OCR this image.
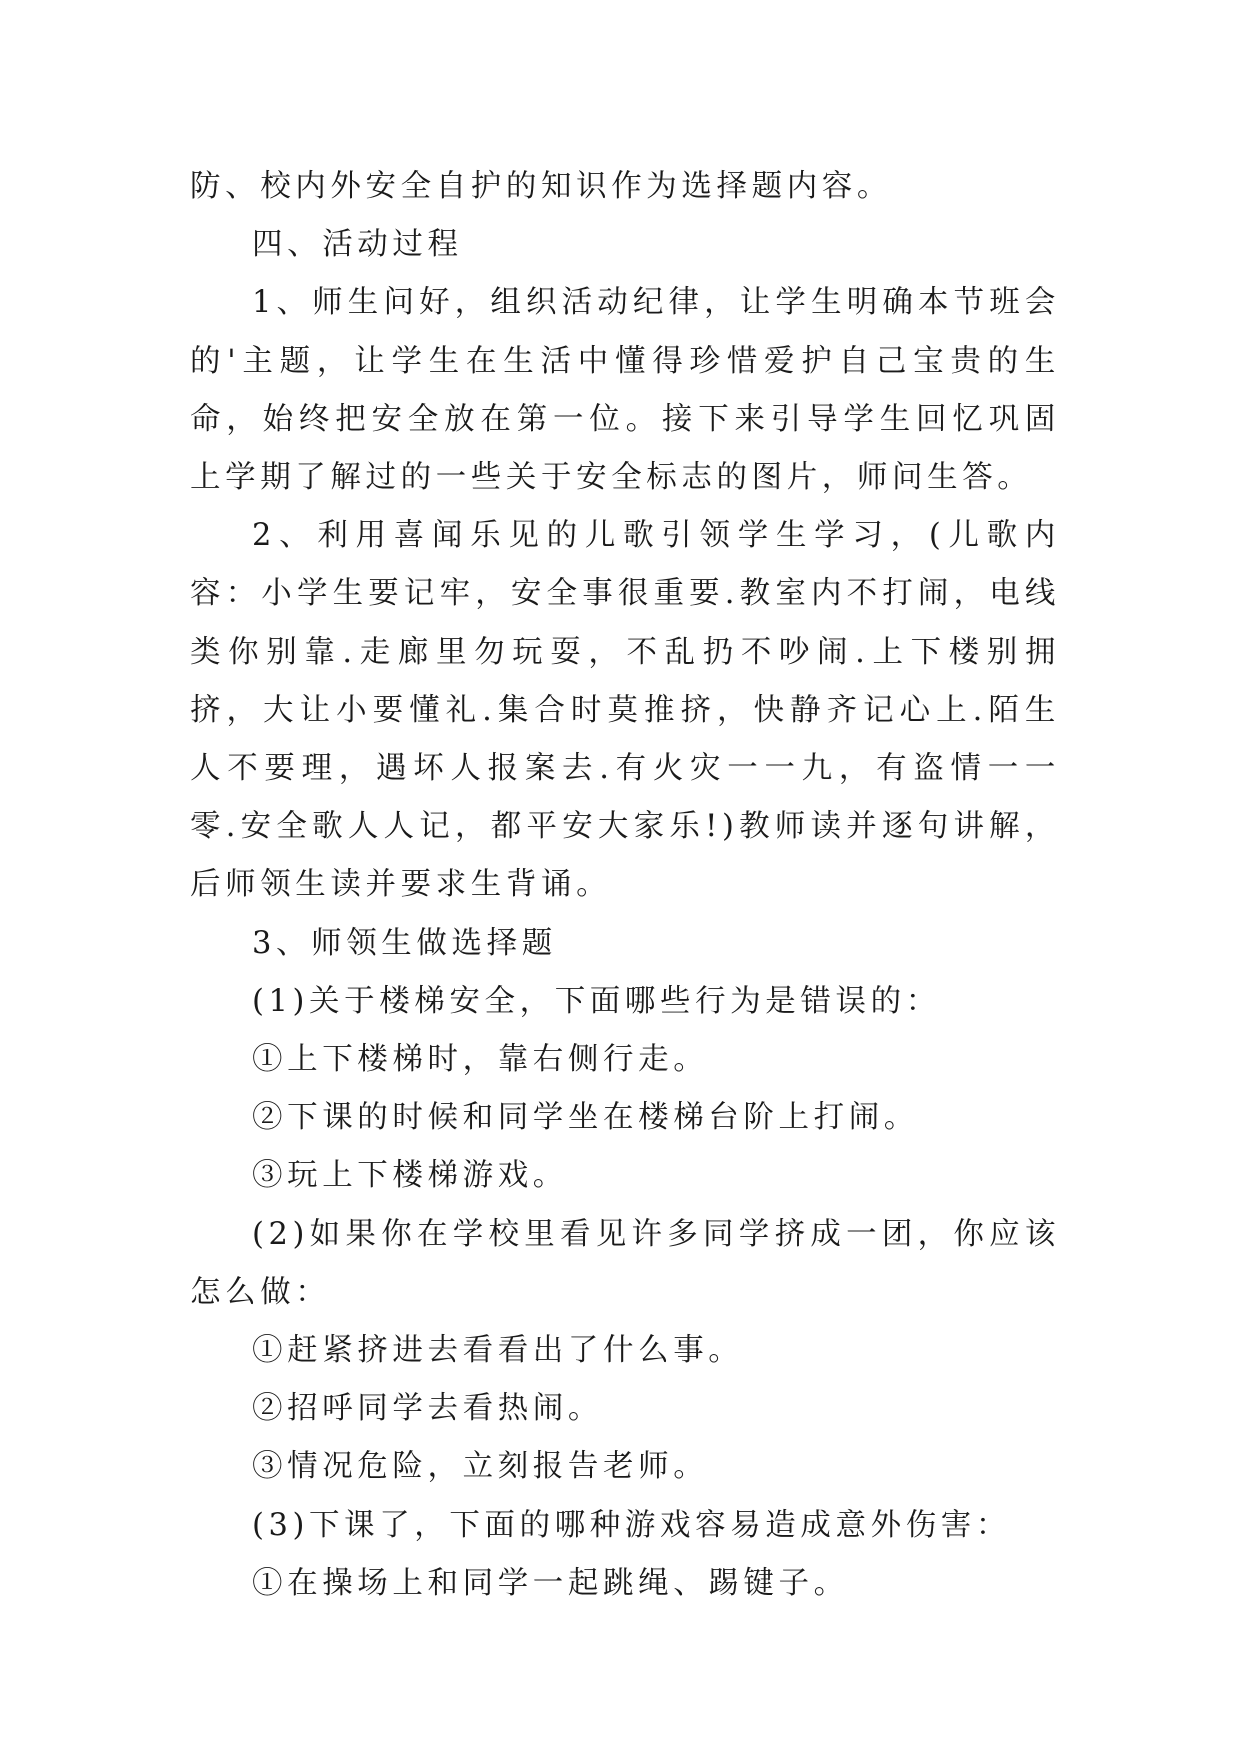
防、校内外安全自护的知识作为选择题内容。

四、活动过程

1、师生问好，组织活动纪律，让学生明确本节班会的'主题，让学生在生活中懂得珍惜爱护自己宝贵的生命，始终把安全放在第一位。接下来引导学生回忆巩固上学期了解过的一些关于安全标志的图片，师问生答。

2、利用喜闻乐见的儿歌引领学生学习，(儿歌内容：小学生要记牢，安全事很重要.教室内不打闹，电线类你别靠.走廊里勿玩耍，不乱扔不吵闹.上下楼别拥挤，大让小要懂礼.集合时莫推挤，快静齐记心上.陌生人不要理，遇坏人报案去.有火灾一一九，有盗情一一零.安全歌人人记，都平安大家乐!)教师读并逐句讲解，后师领生读并要求生背诵。

3、师领生做选择题

(1)关于楼梯安全，下面哪些行为是错误的：

①上下楼梯时，靠右侧行走。

②下课的时候和同学坐在楼梯台阶上打闹。

③玩上下楼梯游戏。

(2)如果你在学校里看见许多同学挤成一团，你应该怎么做：

①赶紧挤进去看看出了什么事。

②招呼同学去看热闹。

③情况危险，立刻报告老师。

(3)下课了，下面的哪种游戏容易造成意外伤害：

①在操场上和同学一起跳绳、踢键子。
